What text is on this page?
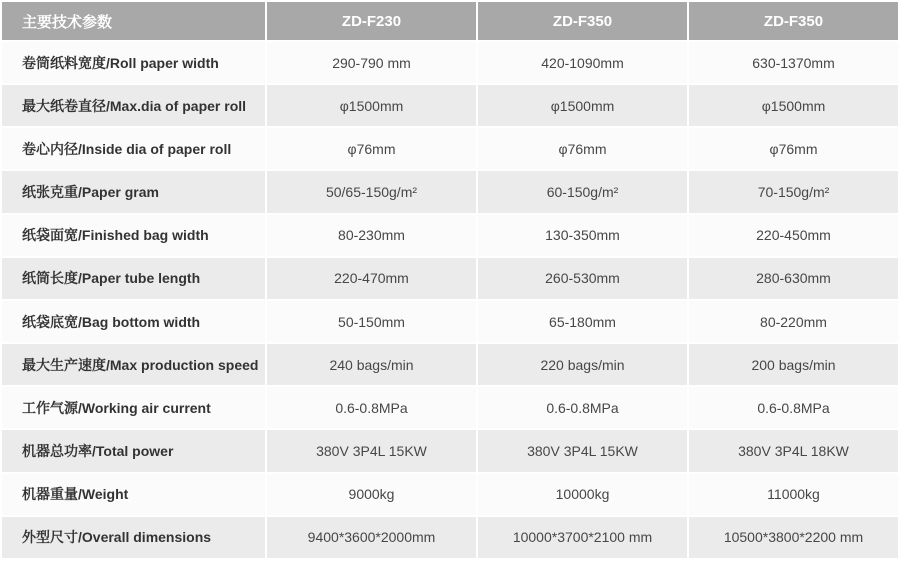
主要技术参数	ZD-F230	ZD-F350	ZD-F350
卷筒纸料宽度/Roll paper width	290-790 mm	420-1090mm	630-1370mm
最大纸卷直径/Max.dia of paper roll	φ1500mm	φ1500mm	φ1500mm
卷心内径/Inside dia of paper roll	φ76mm	φ76mm	φ76mm
纸张克重/Paper gram	50/65-150g/m²	60-150g/m²	70-150g/m²
纸袋面宽/Finished bag width	80-230mm	130-350mm	220-450mm
纸筒长度/Paper tube length	220-470mm	260-530mm	280-630mm
纸袋底宽/Bag bottom width	50-150mm	65-180mm	80-220mm
最大生产速度/Max production speed	240 bags/min	220 bags/min	200 bags/min
工作气源/Working air current	0.6-0.8MPa	0.6-0.8MPa	0.6-0.8MPa
机器总功率/Total power	380V 3P4L 15KW	380V 3P4L 15KW	380V 3P4L 18KW
机器重量/Weight	9000kg	10000kg	11000kg
外型尺寸/Overall dimensions	9400*3600*2000mm	10000*3700*2100 mm	10500*3800*2200 mm
